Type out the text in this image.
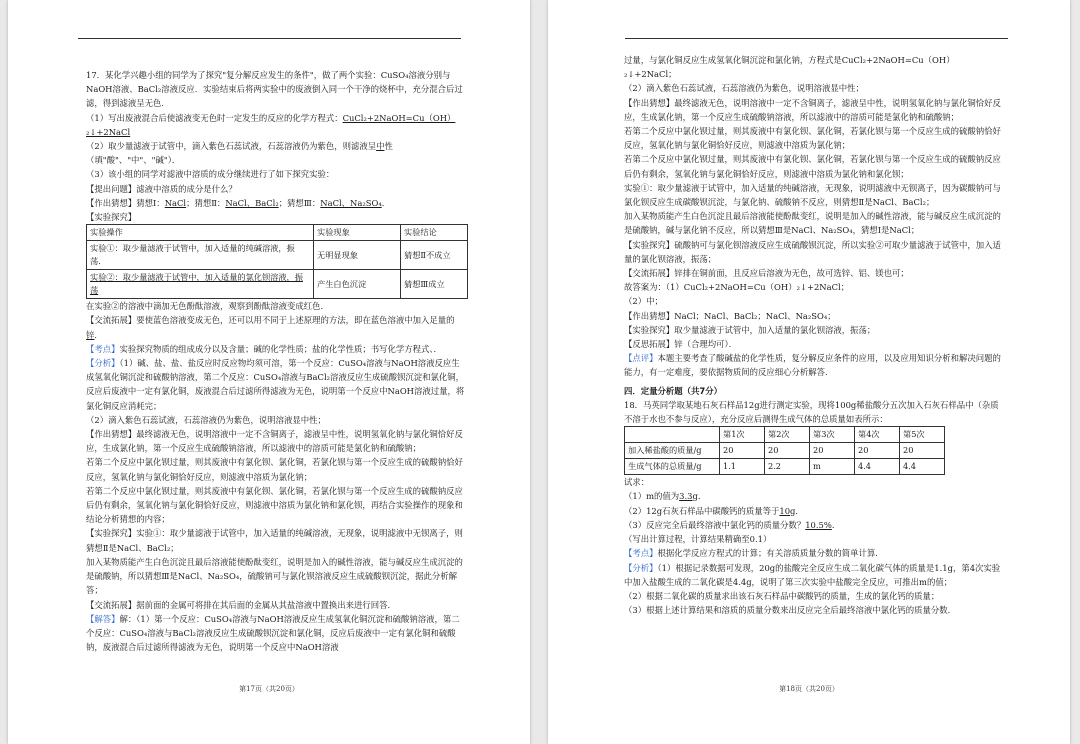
17．某化学兴趣小组的同学为了探究"复分解反应发生的条件"，做了两个实验：CuSO₄溶液分别与NaOH溶液、BaCl₂溶液反应．实验结束后将两实验中的废液倒入同一个干净的烧杯中，充分混合后过滤，得到滤液呈无色．

（1）写出废液混合后使滤液变无色时一定发生的反应的化学方程式：CuCl₂+2NaOH=Cu（OH）₂↓+2NaCl

（2）取少量滤液于试管中，滴入紫色石蕊试液，石蕊溶液仍为紫色，则滤液呈中性（填"酸"、"中"、"碱"）．

（3）该小组的同学对滤液中溶质的成分继续进行了如下探究实验：

【提出问题】滤液中溶质的成分是什么？

【作出猜想】猜想Ⅰ：NaCl；猜想Ⅱ：NaCl、BaCl₂；猜想Ⅲ：NaCl、Na₂SO₄．

【实验探究】

实验操作	实验现象	实验结论
实验①：取少量滤液于试管中，加入适量的纯碱溶液，振荡．	无明显现象	猜想Ⅱ不成立
实验②：取少量滤液于试管中，加入适量的氯化钡溶液，振荡	产生白色沉淀	猜想Ⅲ成立

在实验②的溶液中滴加无色酚酞溶液，观察到酚酞溶液变成红色．

【交流拓展】要使蓝色溶液变成无色，还可以用不同于上述原理的方法，即在蓝色溶液中加入足量的锌．

【考点】实验探究物质的组成成分以及含量；碱的化学性质；盐的化学性质；书写化学方程式、．

【分析】（1）碱、盐、盐、盐反应时反应物均须可溶，第一个反应：CuSO₄溶液与NaOH溶液反应生成氢氧化铜沉淀和硫酸钠溶液，第二个反应：CuSO₄溶液与BaCl₂溶液反应生成硫酸钡沉淀和氯化铜，反应后废液中一定有氯化铜，废液混合后过滤所得滤液为无色，说明第一个反应中NaOH溶液过量，将氯化铜反应消耗完；

（2）滴入紫色石蕊试液，石蕊溶液仍为紫色，说明溶液显中性；

【作出猜想】最终滤液无色，说明溶液中一定不含铜离子，滤液呈中性，说明氢氧化钠与氯化铜恰好反应，生成氯化钠，第一个反应生成硫酸钠溶液，所以滤液中的溶质可能是氯化钠和硫酸钠；

若第二个反应中氯化钡过量，则其废液中有氯化钡、氯化铜，若氯化钡与第一个反应生成的硫酸钠恰好反应，氢氧化钠与氯化铜恰好反应，则滤液中溶质为氯化钠；

若第二个反应中氯化钡过量，则其废液中有氯化钡、氯化铜，若氯化钡与第一个反应生成的硫酸钠反应后仍有剩余，氢氧化钠与氯化铜恰好反应，则滤液中溶质为氯化钠和氯化钡，再结合实验操作的现象和结论分析猜想的内容；

【实验探究】实验①：取少量滤液于试管中，加入适量的纯碱溶液，无现象，说明滤液中无钡离子，则猜想Ⅱ是NaCl、BaCl₂；

加入某物质能产生白色沉淀且最后溶液能使酚酞变红，说明是加入的碱性溶液，能与碱反应生成沉淀的是硫酸钠，所以猜想Ⅲ是NaCl、Na₂SO₄，硫酸钠可与氯化钡溶液反应生成硫酸钡沉淀，据此分析解答；

【交流拓展】据前面的金属可将排在其后面的金属从其盐溶液中置换出来进行回答．

【解答】解：（1）第一个反应：CuSO₄溶液与NaOH溶液反应生成氢氧化铜沉淀和硫酸钠溶液，第二个反应：CuSO₄溶液与BaCl₂溶液反应生成硫酸钡沉淀和氯化铜，反应后废液中一定有氯化铜和硫酸钠，废液混合后过滤所得滤液为无色，说明第一个反应中NaOH溶液

第17页（共20页）

过量，与氯化铜反应生成氢氧化铜沉淀和氯化钠，方程式是CuCl₂+2NaOH=Cu（OH）₂↓+2NaCl；

（2）滴入紫色石蕊试液，石蕊溶液仍为紫色，说明溶液显中性；

【作出猜想】最终滤液无色，说明溶液中一定不含铜离子，滤液呈中性，说明氢氧化钠与氯化铜恰好反应，生成氯化钠，第一个反应生成硫酸钠溶液，所以滤液中的溶质可能是氯化钠和硫酸钠；

若第二个反应中氯化钡过量，则其废液中有氯化钡、氯化铜，若氯化钡与第一个反应生成的硫酸钠恰好反应，氢氧化钠与氯化铜恰好反应，则滤液中溶质为氯化钠；

若第二个反应中氯化钡过量，则其废液中有氯化钡、氯化铜，若氯化钡与第一个反应生成的硫酸钠反应后仍有剩余，氢氧化钠与氯化铜恰好反应，则滤液中溶质为氯化钠和氯化钡；

实验①：取少量滤液于试管中，加入适量的纯碱溶液，无现象，说明滤液中无钡离子，因为碳酸钠可与氯化钡反应生成碳酸钡沉淀，与氯化钠、硫酸钠不反应，则猜想Ⅱ是NaCl、BaCl₂；

加入某物质能产生白色沉淀且最后溶液能使酚酞变红，说明是加入的碱性溶液，能与碱反应生成沉淀的是硫酸钠，碱与氯化钠不反应，所以猜想Ⅲ是NaCl、Na₂SO₄，猜想Ⅰ是NaCl；

【实验探究】硫酸钠可与氯化钡溶液反应生成硫酸钡沉淀，所以实验②可取少量滤液于试管中，加入适量的氯化钡溶液，振荡；

【交流拓展】锌排在铜前面，且反应后溶液为无色，故可选锌、铝、镁也可；

故答案为：（1）CuCl₂+2NaOH=Cu（OH）₂↓+2NaCl；

（2）中；

【作出猜想】NaCl；NaCl、BaCl₂；NaCl、Na₂SO₄；

【实验探究】取少量滤液于试管中，加入适量的氯化钡溶液，振荡；

【反思拓展】锌（合理均可）．

【点评】本题主要考查了酸碱盐的化学性质，复分解反应条件的应用，以及应用知识分析和解决问题的能力，有一定难度，要依据物质间的反应细心分析解答．

四．定量分析题（共7分）

18．马英同学取某地石灰石样品12g进行测定实验，现将100g稀盐酸分五次加入石灰石样品中（杂质不溶于水也不参与反应），充分反应后测得生成气体的总质量如表所示：

	第1次	第2次	第3次	第4次	第5次
加入稀盐酸的质量/g	20	20	20	20	20
生成气体的总质量/g	1.1	2.2	m	4.4	4.4

试求：

（1）m的值为3.3g．

（2）12g石灰石样品中碳酸钙的质量等于10g．

（3）反应完全后最终溶液中氯化钙的质量分数？10.5%．

（写出计算过程，计算结果精确至0.1）

【考点】根据化学反应方程式的计算；有关溶质质量分数的简单计算．

【分析】（1）根据记录数据可发现，20g的盐酸完全反应生成二氧化碳气体的质量是1.1g，第4次实验中加入盐酸生成的二氧化碳是4.4g，说明了第三次实验中盐酸完全反应，可推出m的值；

（2）根据二氧化碳的质量求出该石灰石样品中碳酸钙的质量，生成的氯化钙的质量；

（3）根据上述计算结果和溶质的质量分数来出反应完全后最终溶液中氯化钙的质量分数．

第18页（共20页）
